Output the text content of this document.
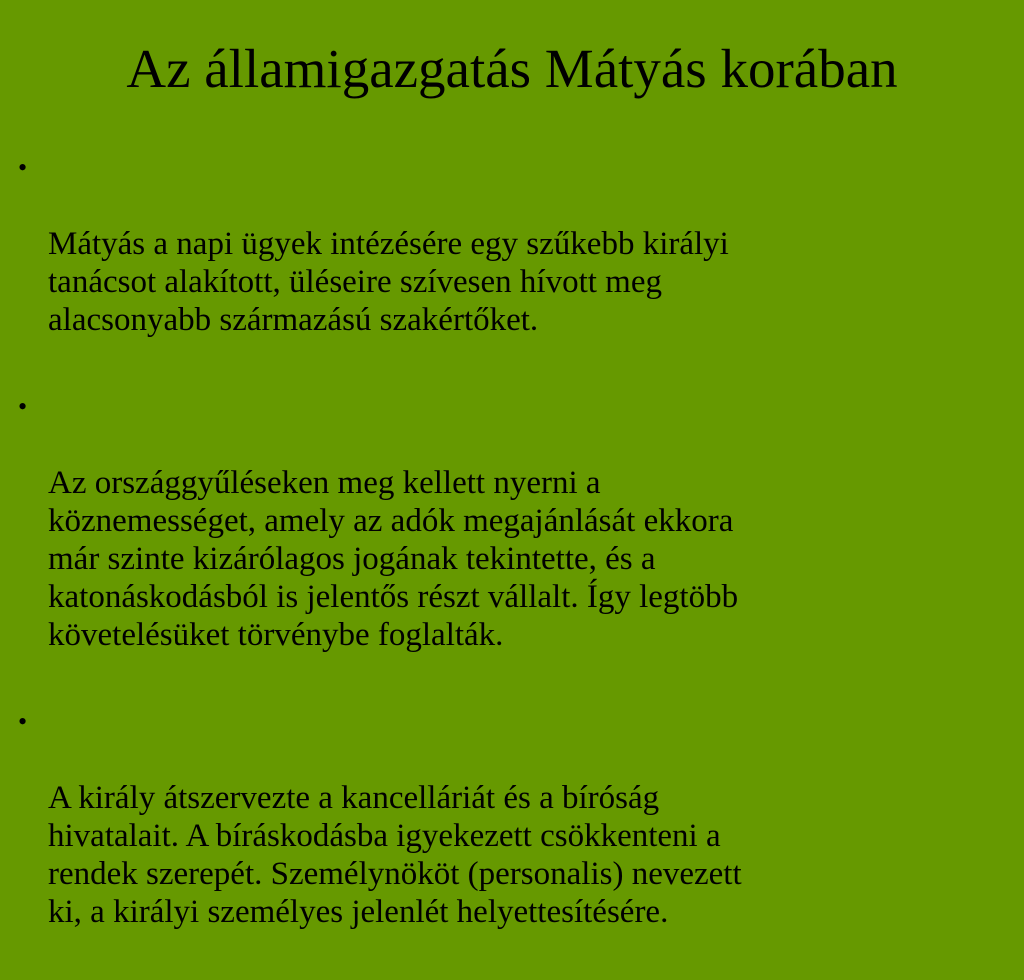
Az államigazgatás Mátyás korában

•

Mátyás a napi ügyek intézésére egy szűkebb királyi
tanácsot alakított, üléseire szívesen hívott meg
alacsonyabb származású szakértőket.

•

Az országgyűléseken meg kellett nyerni a
köznemességet, amely az adók megajánlását ekkora
már szinte kizárólagos jogának tekintette, és a
katonáskodásból is jelentős részt vállalt. Így legtöbb
követelésüket törvénybe foglalták.

•

A király átszervezte a kancelláriát és a bíróság
hivatalait. A bíráskodásba igyekezett csökkenteni a
rendek szerepét. Személynököt (personalis) nevezett
ki, a királyi személyes jelenlét helyettesítésére.
